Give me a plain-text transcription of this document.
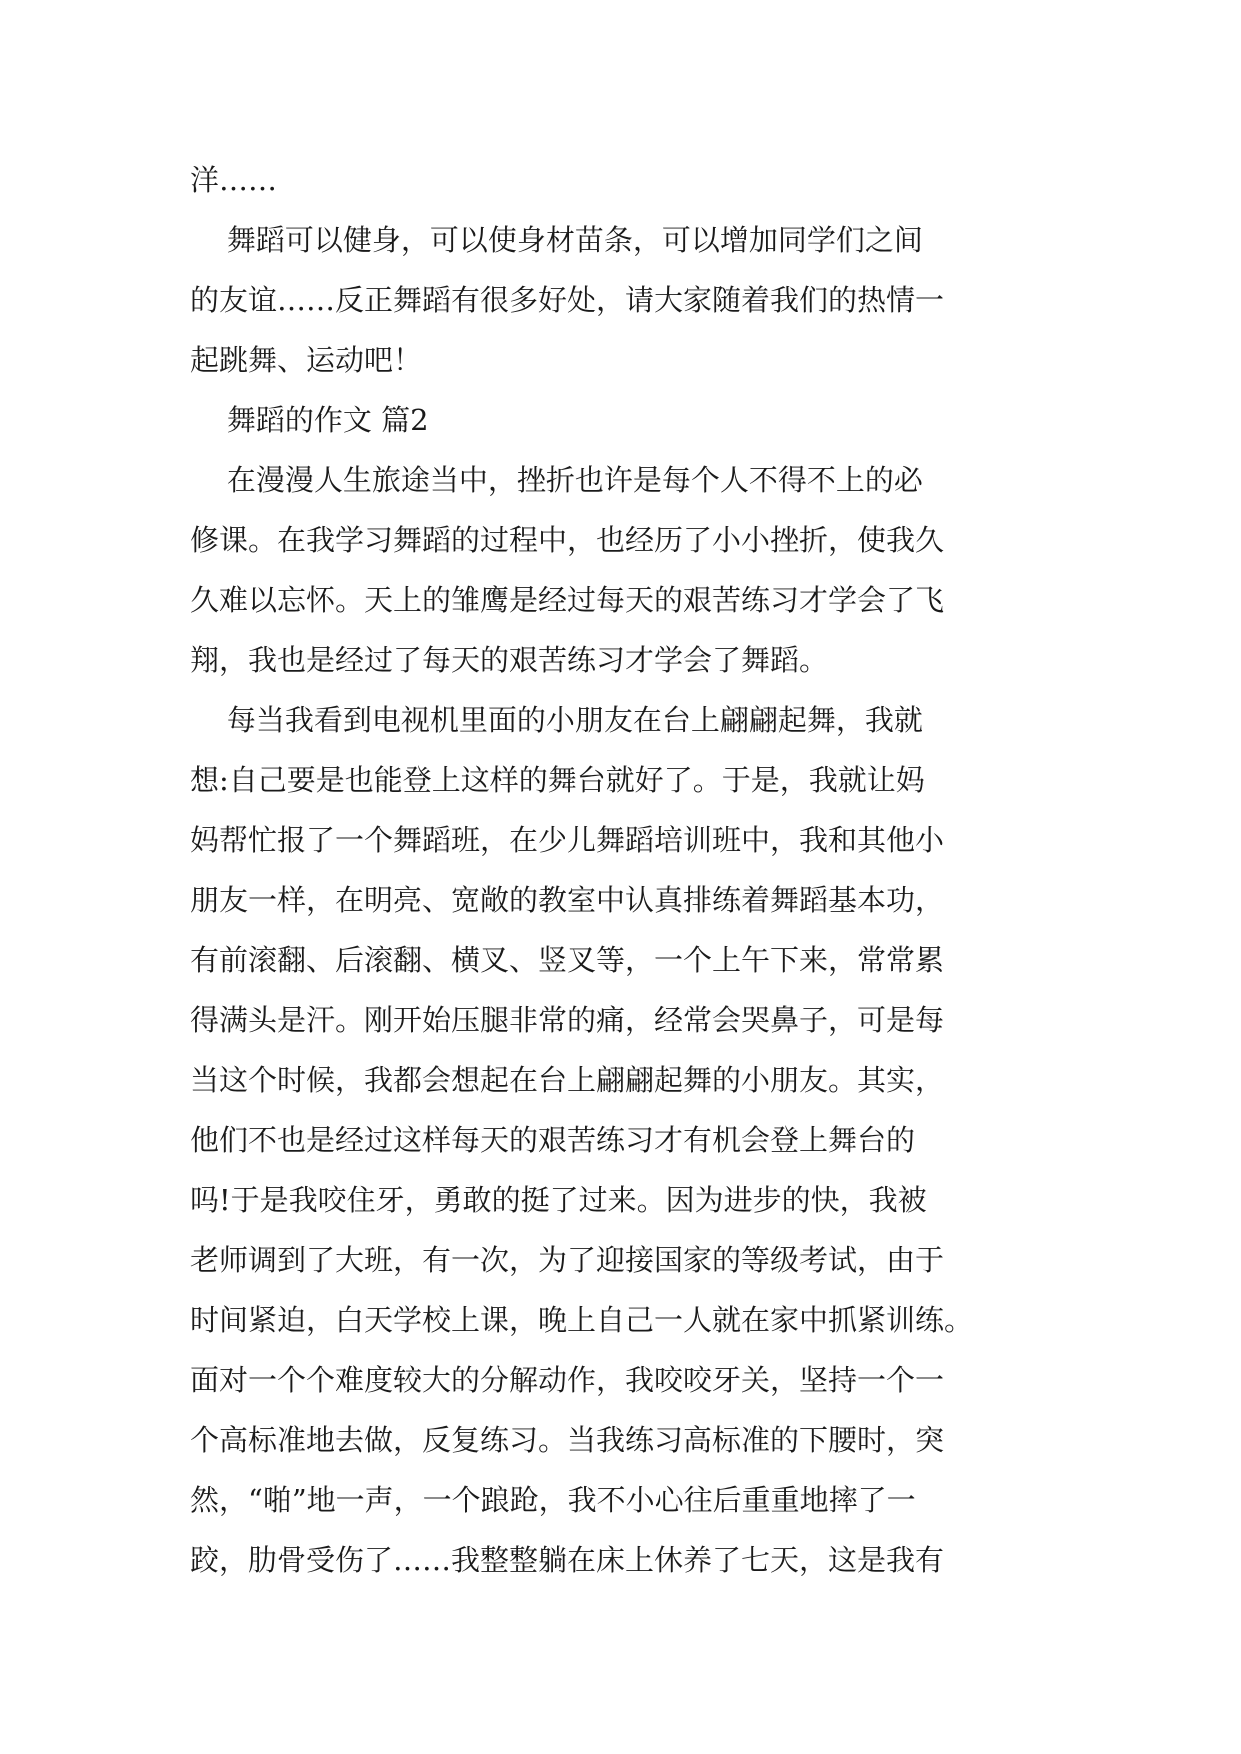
洋……

舞蹈可以健身，可以使身材苗条，可以增加同学们之间

的友谊……反正舞蹈有很多好处，请大家随着我们的热情一

起跳舞、运动吧！

舞蹈的作文 篇2

在漫漫人生旅途当中，挫折也许是每个人不得不上的必

修课。在我学习舞蹈的过程中，也经历了小小挫折，使我久

久难以忘怀。天上的雏鹰是经过每天的艰苦练习才学会了飞

翔，我也是经过了每天的艰苦练习才学会了舞蹈。

每当我看到电视机里面的小朋友在台上翩翩起舞，我就

想:自己要是也能登上这样的舞台就好了。于是，我就让妈

妈帮忙报了一个舞蹈班，在少儿舞蹈培训班中，我和其他小

朋友一样，在明亮、宽敞的教室中认真排练着舞蹈基本功，

有前滚翻、后滚翻、横叉、竖叉等，一个上午下来，常常累

得满头是汗。刚开始压腿非常的痛，经常会哭鼻子，可是每

当这个时候，我都会想起在台上翩翩起舞的小朋友。其实，

他们不也是经过这样每天的艰苦练习才有机会登上舞台的

吗!于是我咬住牙，勇敢的挺了过来。因为进步的快，我被

老师调到了大班，有一次，为了迎接国家的等级考试，由于

时间紧迫，白天学校上课，晚上自己一人就在家中抓紧训练。

面对一个个难度较大的分解动作，我咬咬牙关，坚持一个一

个高标准地去做，反复练习。当我练习高标准的下腰时，突

然，“啪”地一声，一个踉跄，我不小心往后重重地摔了一

跤，肋骨受伤了……我整整躺在床上休养了七天，这是我有
